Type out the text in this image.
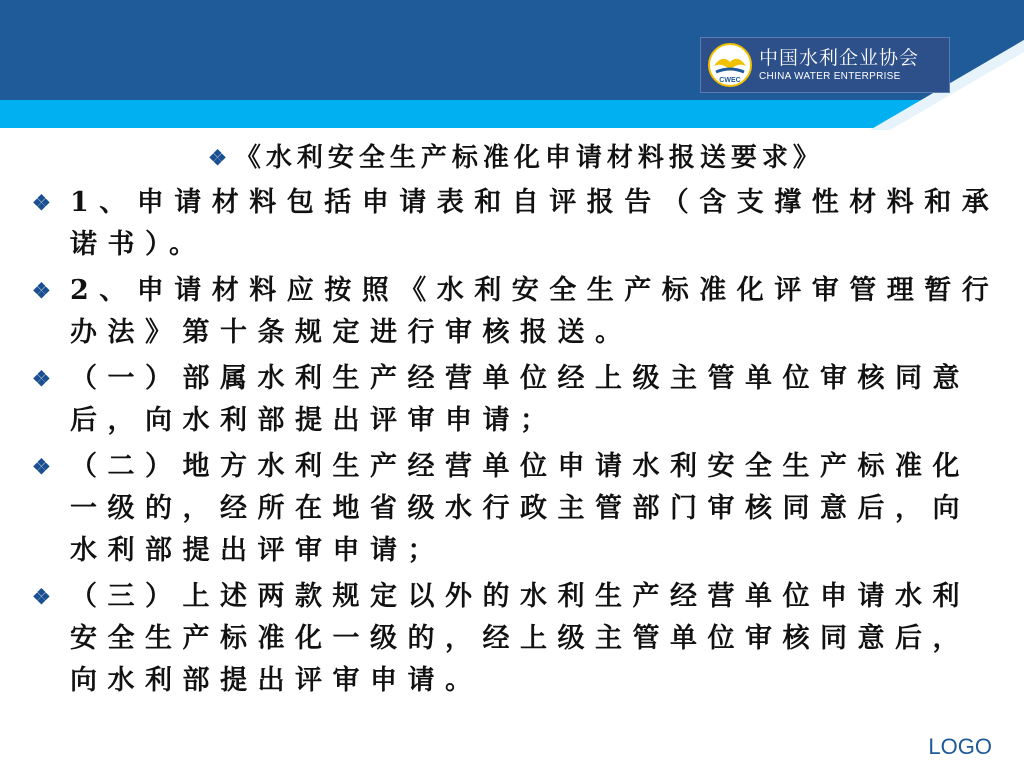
CWEC
中国水利企业协会
CHINA WATER ENTERPRISE
❖ 《水利安全生产标准化申请材料报送要求》
❖ 1、申请材料包括申请表和自评报告（含支撑性材料和承诺书）。
❖ 2、申请材料应按照《水利安全生产标准化评审管理暂行办法》第十条规定进行审核报送。
❖ （一）部属水利生产经营单位经上级主管单位审核同意后，向水利部提出评审申请；
❖ （二）地方水利生产经营单位申请水利安全生产标准化一级的，经所在地省级水行政主管部门审核同意后，向水利部提出评审申请；
❖ （三）上述两款规定以外的水利生产经营单位申请水利安全生产标准化一级的，经上级主管单位审核同意后，向水利部提出评审申请。
LOGO
